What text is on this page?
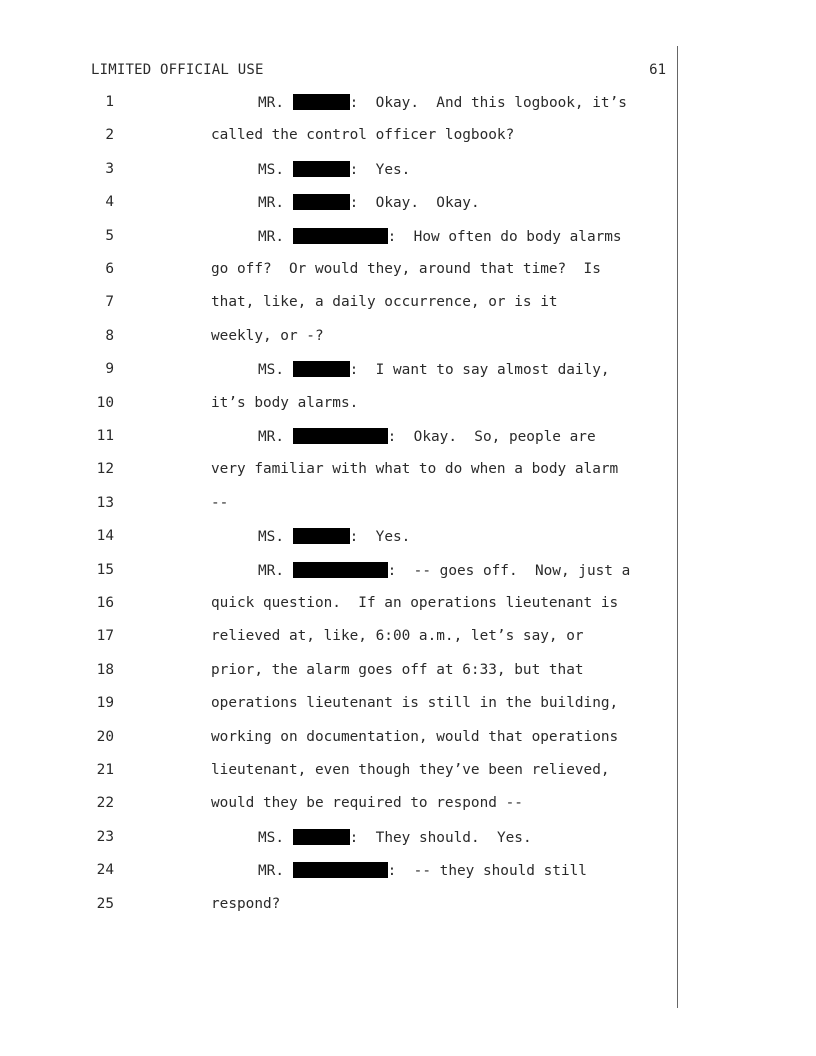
LIMITED OFFICIAL USE	61
1	MR.	:  Okay.  And this logbook, it’s
2	called the control officer logbook?
3	MS.	:  Yes.
4	MR.	:  Okay.  Okay.
5	MR.	:  How often do body alarms
6	go off?  Or would they, around that time?  Is
7	that, like, a daily occurrence, or is it
8	weekly, or -?
9	MS.	:  I want to say almost daily,
10	it’s body alarms.
11	MR.	:  Okay.  So, people are
12	very familiar with what to do when a body alarm
13	--
14	MS.	:  Yes.
15	MR.	:  -- goes off.  Now, just a
16	quick question.  If an operations lieutenant is
17	relieved at, like, 6:00 a.m., let’s say, or
18	prior, the alarm goes off at 6:33, but that
19	operations lieutenant is still in the building,
20	working on documentation, would that operations
21	lieutenant, even though they’ve been relieved,
22	would they be required to respond --
23	MS.	:  They should.  Yes.
24	MR.	:  -- they should still
25	respond?
